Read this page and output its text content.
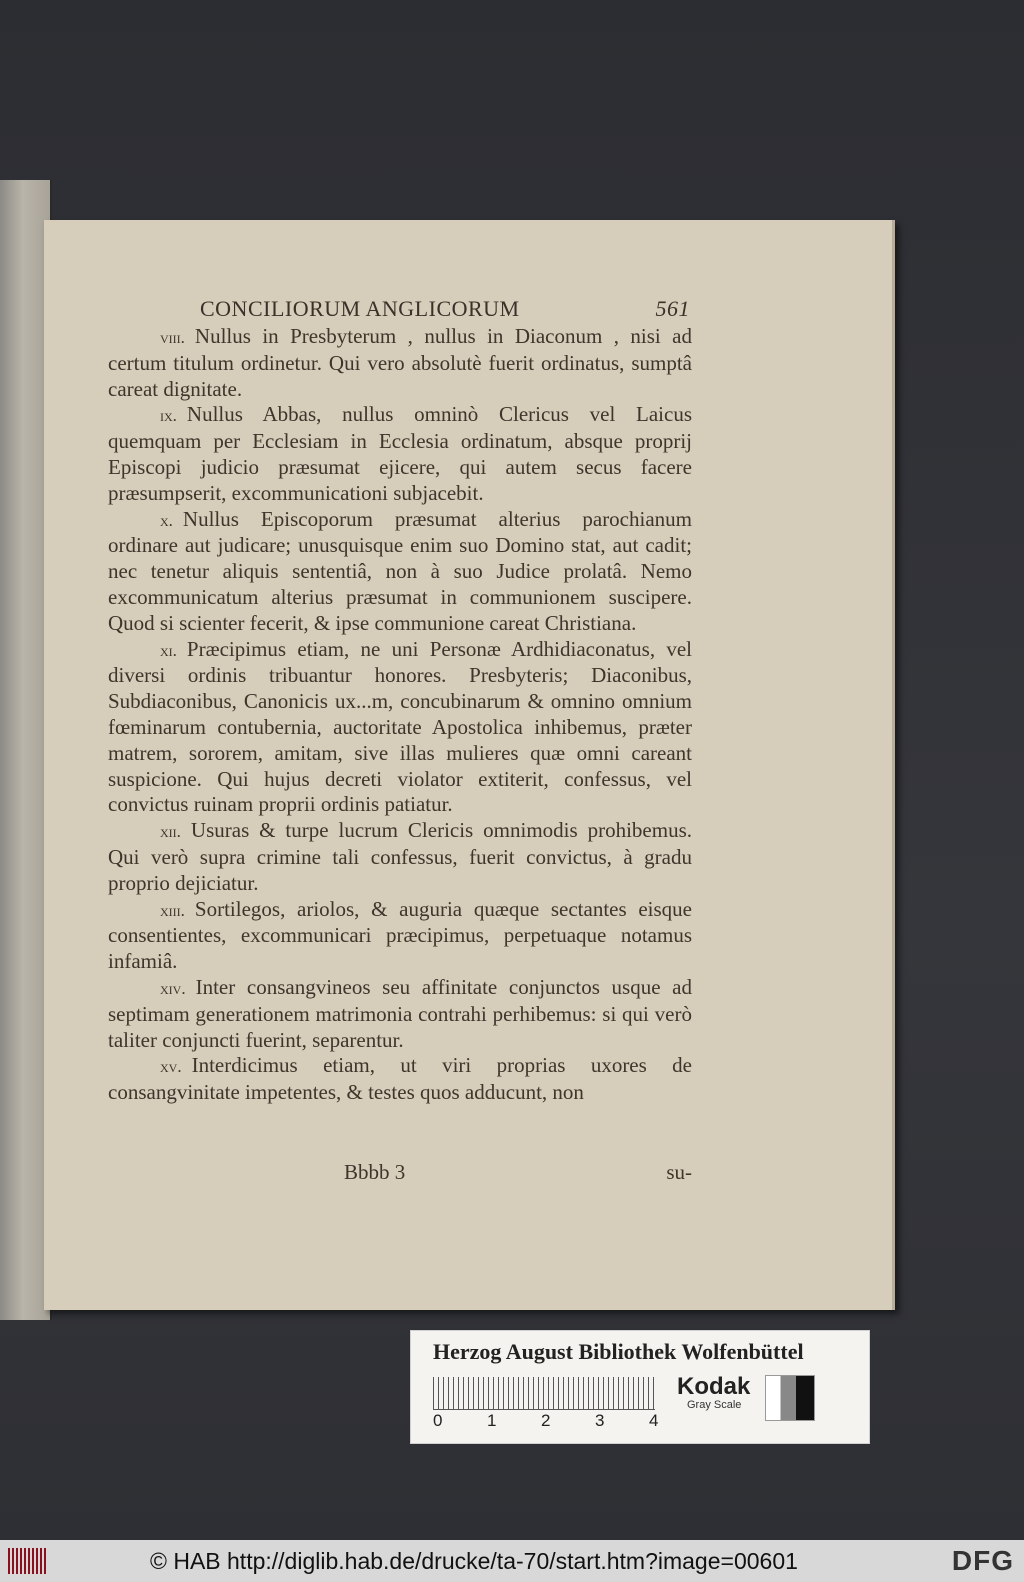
CONCILIORUM ANGLICORUM	561

viii. Nullus in Presbyterum , nullus in Diaconum , nisi ad certum titulum ordinetur. Qui vero absolutè fuerit ordinatus, sumptâ careat dignitate.

ix. Nullus Abbas, nullus omninò Clericus vel Laicus quemquam per Ecclesiam in Ecclesia ordinatum, absque proprij Episcopi judicio præsumat ejicere, qui autem secus facere præsumpserit, excommunicationi subjacebit.

x. Nullus Episcoporum præsumat alterius parochianum ordinare aut judicare; unusquisque enim suo Domino stat, aut cadit; nec tenetur aliquis sententiâ, non à suo Judice prolatâ. Nemo excommunicatum alterius præsumat in communionem suscipere. Quod si scienter fecerit, & ipse communione careat Christiana.

xi. Præcipimus etiam, ne uni Personæ Ardhidiaconatus, vel diversi ordinis tribuantur honores. Presbyteris; Diaconibus, Subdiaconibus, Canonicis ux...m, concubinarum & omnino omnium fœminarum contubernia, auctoritate Apostolica inhibemus, præter matrem, sororem, amitam, sive illas mulieres quæ omni careant suspicione. Qui hujus decreti violator extiterit, confessus, vel convictus ruinam proprii ordinis patiatur.

xii. Usuras & turpe lucrum Clericis omnimodis prohibemus. Qui verò supra crimine tali confessus, fuerit convictus, à gradu proprio dejiciatur.

xiii. Sortilegos, ariolos, & auguria quæque sectantes eisque consentientes, excommunicari præcipimus, perpetuaque notamus infamiâ.

xiv. Inter consangvineos seu affinitate conjunctos usque ad septimam generationem matrimonia contrahi perhibemus: si qui verò taliter conjuncti fuerint, separentur.

xv. Interdicimus etiam, ut viri proprias uxores de consangvinitate impetentes, & testes quos adducunt, non

Bbbb 3	su-
Herzog August Bibliothek Wolfenbüttel
0	1	2	3	4
Kodak
Gray Scale
© HAB http://diglib.hab.de/drucke/ta-70/start.htm?image=00601	DFG
